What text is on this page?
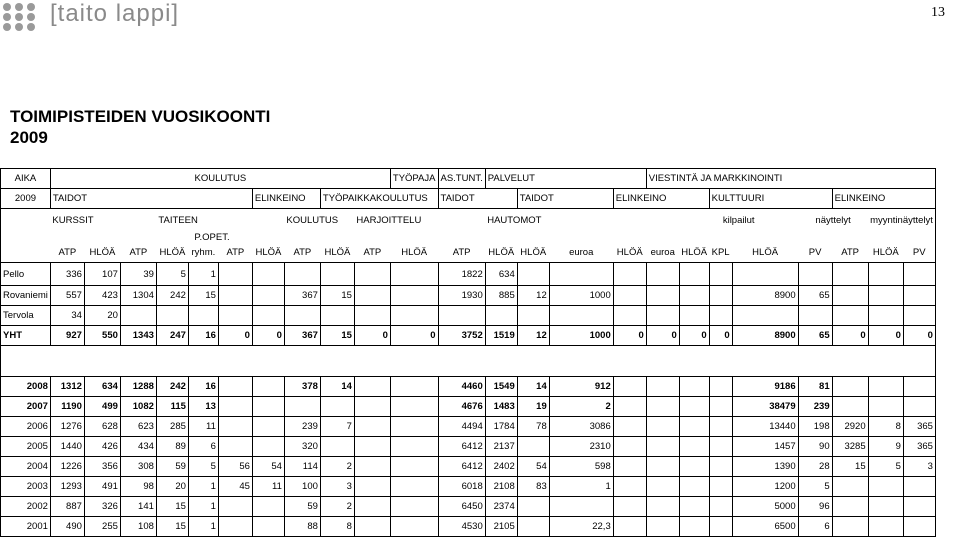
[taito lappi]	13
TOIMIPISTEIDEN VUOSIKOONTI
2009
AIKA	KOULUTUS										TYÖPAJA	AS.TUNT.	PALVELUT				VIESTINTÄ JA MARKKINOINTI							
2009	TAIDOT						ELINKEINO		TYÖPAIKKAKOULUTUS			TAIDOT		TAIDOT		ELINKEINO			KULTTUURI			ELINKEINO		
	KURSSIT			TAITEEN				KOULUTUS		HARJOITTELU			HAUTOMOT					kilpailut			näyttelyt		myyntinäyttelyt	
				P.OPET.																				
	ATP	HLÖÄ	ATP	HLÖÄ	ryhm.	ATP	HLÖÄ	ATP	HLÖÄ	ATP	HLÖÄ	ATP	HLÖÄ	HLÖÄ	euroa	HLÖÄ	euroa	HLÖÄ	KPL	HLÖÄ	PV	ATP	HLÖÄ	PV
Pello	336	107	39	5	1							1822	634											
Rovaniemi	557	423	1304	242	15			367	15			1930	885	12	1000					8900	65			
Tervola	34	20																						
YHT	927	550	1343	247	16	0	0	367	15	0	0	3752	1519	12	1000	0	0	0	0	8900	65	0	0	0

2008	1312	634	1288	242	16			378	14			4460	1549	14	912					9186	81			
2007	1190	499	1082	115	13							4676	1483	19	2					38479	239			
2006	1276	628	623	285	11			239	7			4494	1784	78	3086					13440	198	2920	8	365
2005	1440	426	434	89	6			320				6412	2137		2310					1457	90	3285	9	365
2004	1226	356	308	59	5	56	54	114	2			6412	2402	54	598					1390	28	15	5	3
2003	1293	491	98	20	1	45	11	100	3			6018	2108	83	1					1200	5			
2002	887	326	141	15	1			59	2			6450	2374							5000	96			
2001	490	255	108	15	1			88	8			4530	2105		22,3					6500	6			
